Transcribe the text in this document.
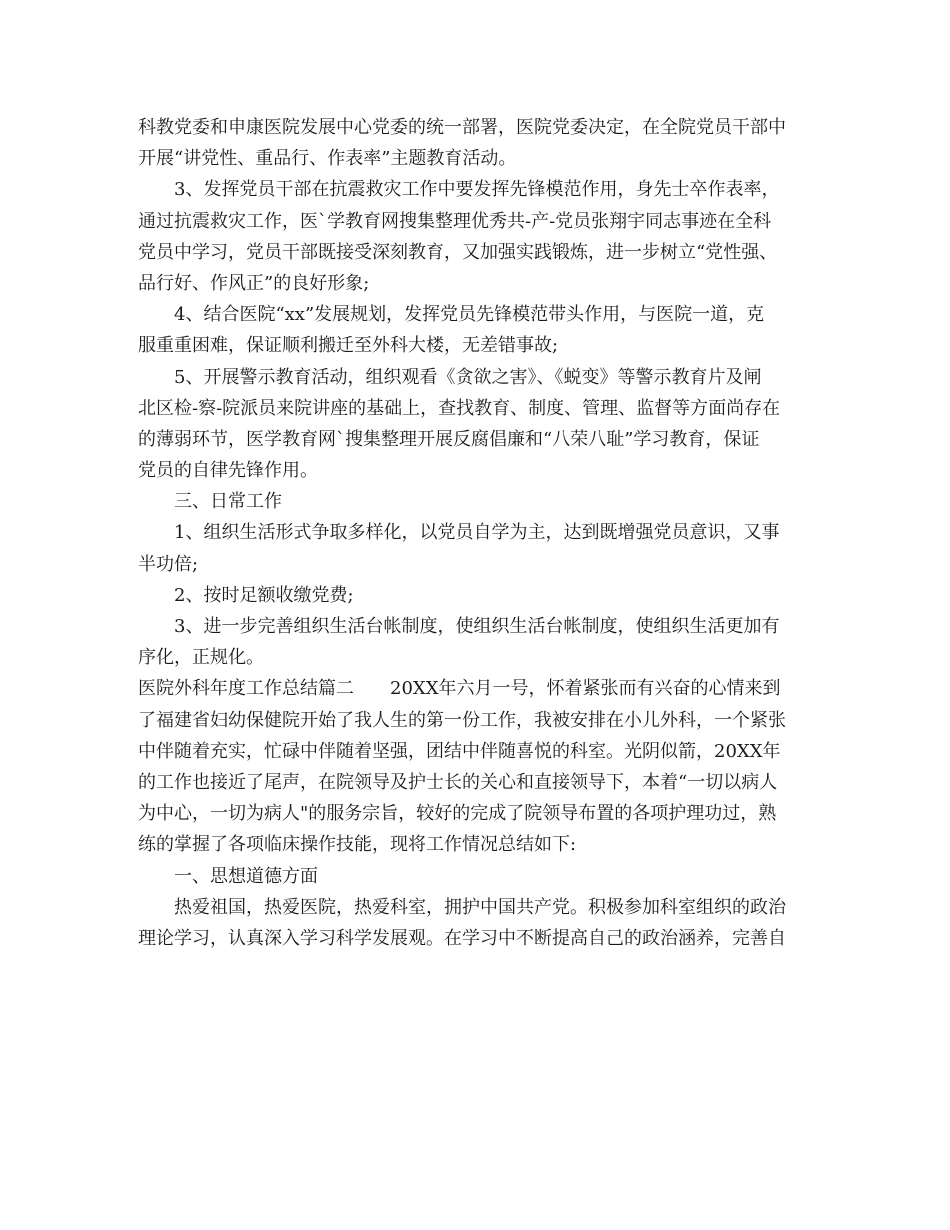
科教党委和申康医院发展中心党委的统一部署，医院党委决定，在全院党员干部中
开展“讲党性、重品行、作表率”主题教育活动。
3、发挥党员干部在抗震救灾工作中要发挥先锋模范作用，身先士卒作表率，
通过抗震救灾工作，医`学教育网搜集整理优秀共-产-党员张翔宇同志事迹在全科
党员中学习，党员干部既接受深刻教育，又加强实践锻炼，进一步树立“党性强、
品行好、作风正”的良好形象;
4、结合医院“xx”发展规划，发挥党员先锋模范带头作用，与医院一道，克
服重重困难，保证顺利搬迁至外科大楼，无差错事故;
5、开展警示教育活动，组织观看《贪欲之害》、《蜕变》等警示教育片及闸
北区检-察-院派员来院讲座的基础上，查找教育、制度、管理、监督等方面尚存在
的薄弱环节，医学教育网`搜集整理开展反腐倡廉和“八荣八耻”学习教育，保证
党员的自律先锋作用。
三、日常工作
1、组织生活形式争取多样化，以党员自学为主，达到既增强党员意识，又事
半功倍;
2、按时足额收缴党费;
3、进一步完善组织生活台帐制度，使组织生活台帐制度，使组织生活更加有
序化，正规化。
医院外科年度工作总结篇二　　20XX年六月一号，怀着紧张而有兴奋的心情来到
了福建省妇幼保健院开始了我人生的第一份工作，我被安排在小儿外科，一个紧张
中伴随着充实，忙碌中伴随着坚强，团结中伴随喜悦的科室。光阴似箭，20XX年
的工作也接近了尾声，在院领导及护士长的关心和直接领导下，本着“一切以病人
为中心，一切为病人"的服务宗旨，较好的完成了院领导布置的各项护理功过，熟
练的掌握了各项临床操作技能，现将工作情况总结如下:
一、思想道德方面
热爱祖国，热爱医院，热爱科室，拥护中国共产党。积极参加科室组织的政治
理论学习，认真深入学习科学发展观。在学习中不断提高自己的政治涵养，完善自
